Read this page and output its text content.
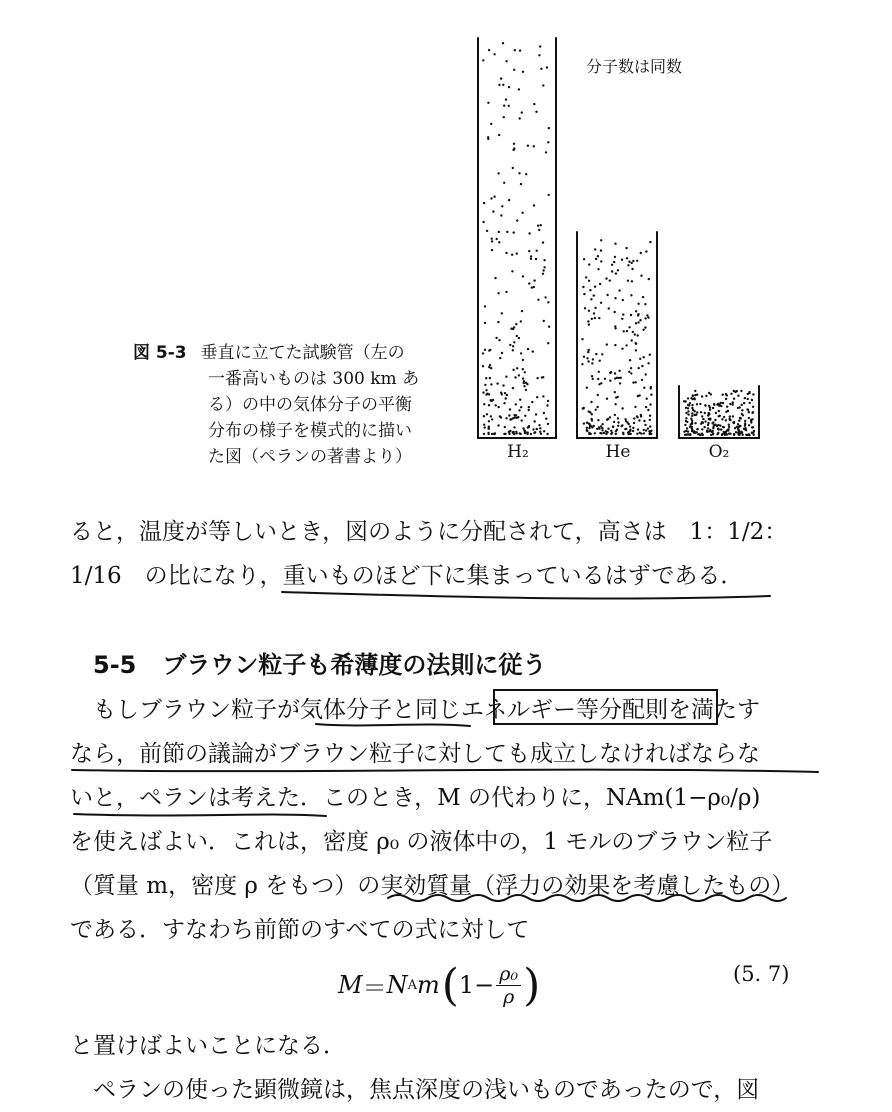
分子数は同数
H₂	He	O₂
図 5-3 垂直に立てた試験管（左の
一番高いものは 300 km あ
る）の中の気体分子の平衡
分布の様子を模式的に描い
た図（ペランの著書より）
ると，温度が等しいとき，図のように分配されて，高さは　1：1/2：
1/16　の比になり，重いものほど下に集まっているはずである．
5-5 ブラウン粒子も希薄度の法則に従う
　もしブラウン粒子が気体分子と同じエネルギー等分配則を満たす
なら，前節の議論がブラウン粒子に対しても成立しなければならな
いと，ペランは考えた．このとき，M の代わりに，NAm(1−ρ₀/ρ)
を使えばよい．これは，密度 ρ₀ の液体中の，1 モルのブラウン粒子
（質量 m，密度 ρ をもつ）の実効質量（浮力の効果を考慮したもの）
である．すなわち前節のすべての式に対して
M ＝ N A m ( $1- \frac{\text{ρ₀}}{\rho}$ )	(5. 7)
と置けばよいことになる．
　ペランの使った顕微鏡は，焦点深度の浅いものであったので，図
